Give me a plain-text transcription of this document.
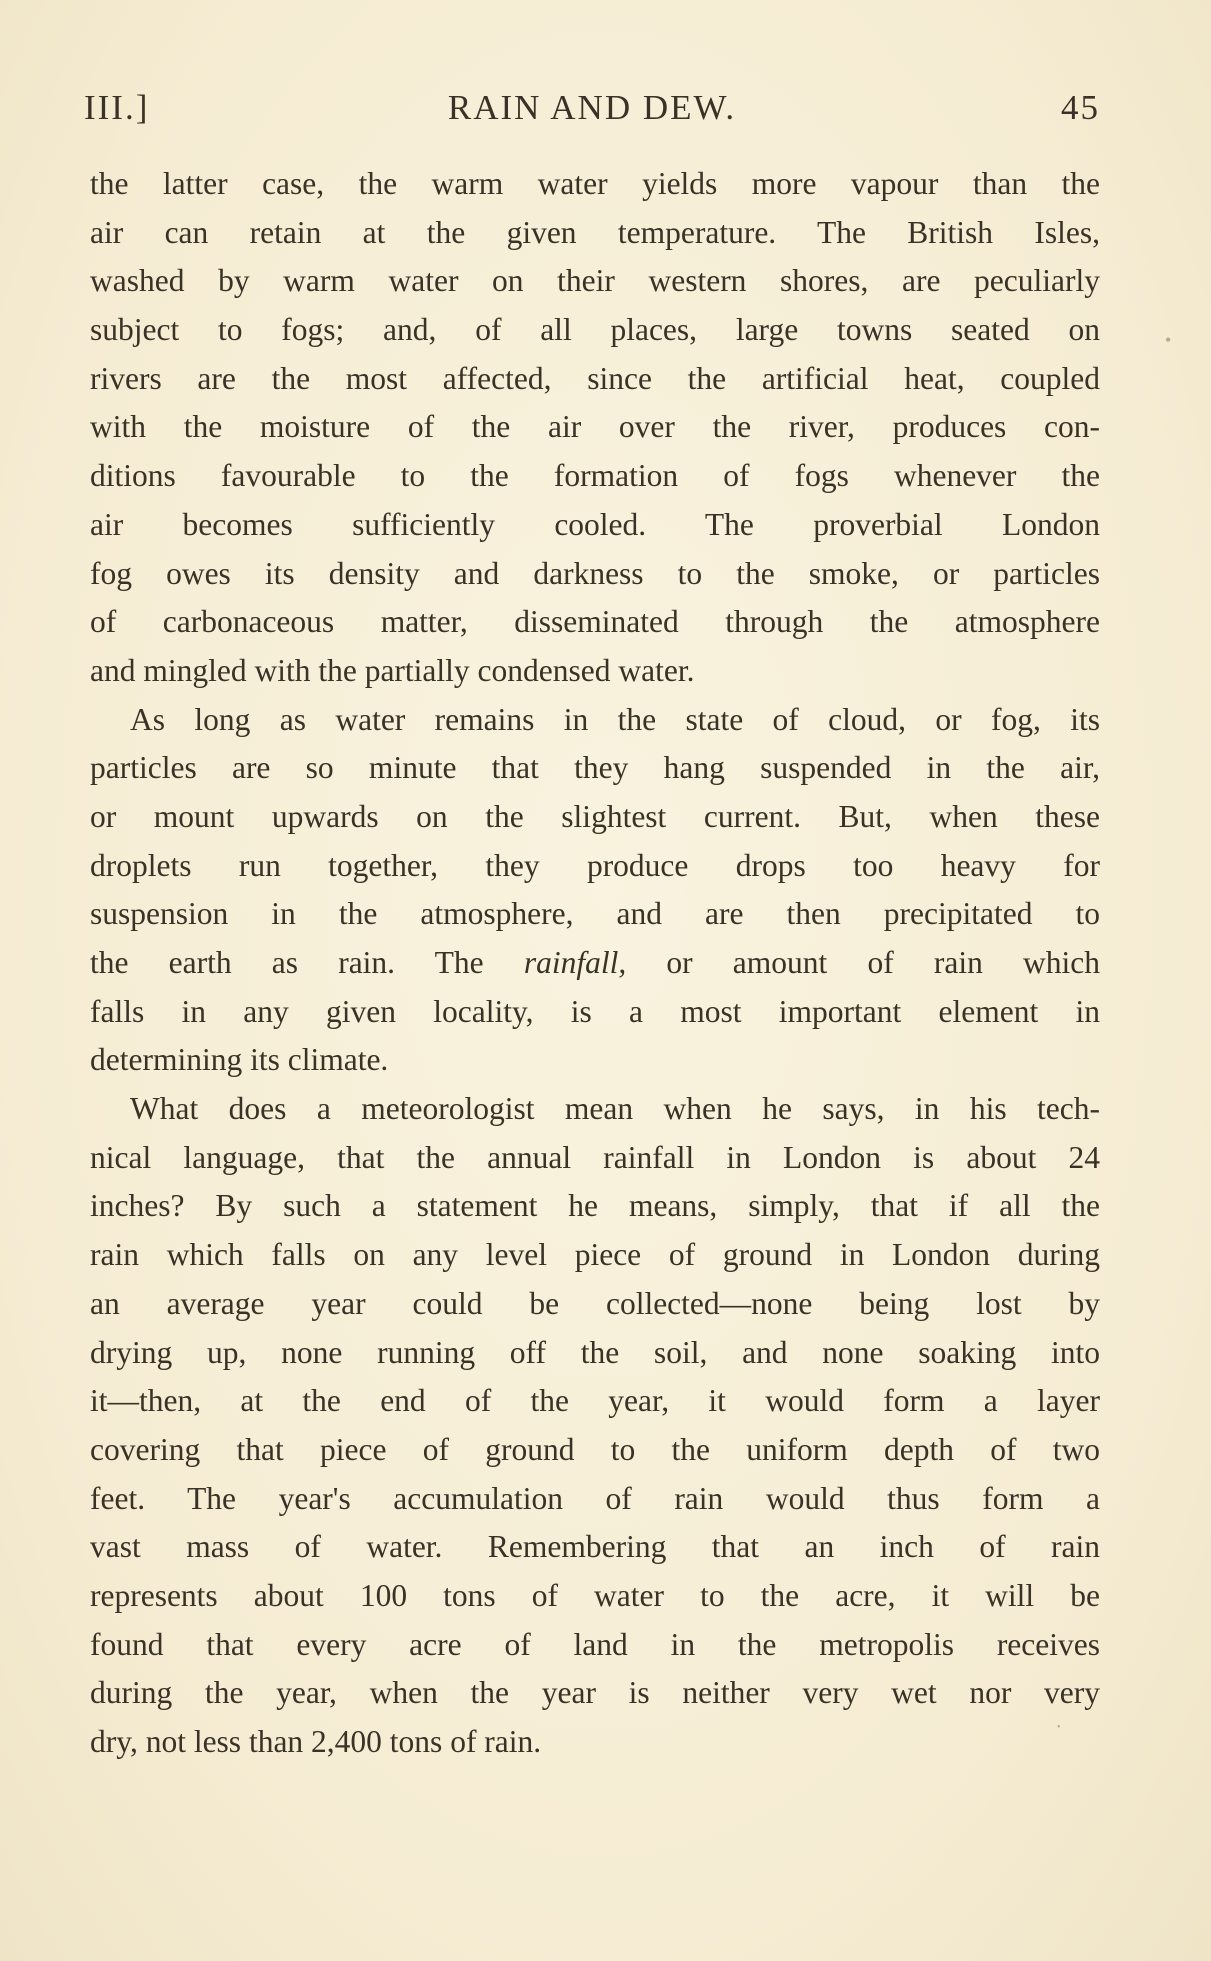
III.]	RAIN AND DEW.	45
the latter case, the warm water yields more vapour than the
air can retain at the given temperature. The British Isles,
washed by warm water on their western shores, are peculiarly
subject to fogs; and, of all places, large towns seated on
rivers are the most affected, since the artificial heat, coupled
with the moisture of the air over the river, produces con-
ditions favourable to the formation of fogs whenever the
air becomes sufficiently cooled. The proverbial London
fog owes its density and darkness to the smoke, or particles
of carbonaceous matter, disseminated through the atmosphere
and mingled with the partially condensed water.
As long as water remains in the state of cloud, or fog, its
particles are so minute that they hang suspended in the air,
or mount upwards on the slightest current. But, when these
droplets run together, they produce drops too heavy for
suspension in the atmosphere, and are then precipitated to
the earth as rain. The rainfall, or amount of rain which
falls in any given locality, is a most important element in
determining its climate.
What does a meteorologist mean when he says, in his tech-
nical language, that the annual rainfall in London is about 24
inches? By such a statement he means, simply, that if all the
rain which falls on any level piece of ground in London during
an average year could be collected—none being lost by
drying up, none running off the soil, and none soaking into
it—then, at the end of the year, it would form a layer
covering that piece of ground to the uniform depth of two
feet. The year's accumulation of rain would thus form a
vast mass of water. Remembering that an inch of rain
represents about 100 tons of water to the acre, it will be
found that every acre of land in the metropolis receives
during the year, when the year is neither very wet nor very
dry, not less than 2,400 tons of rain.
•
•
